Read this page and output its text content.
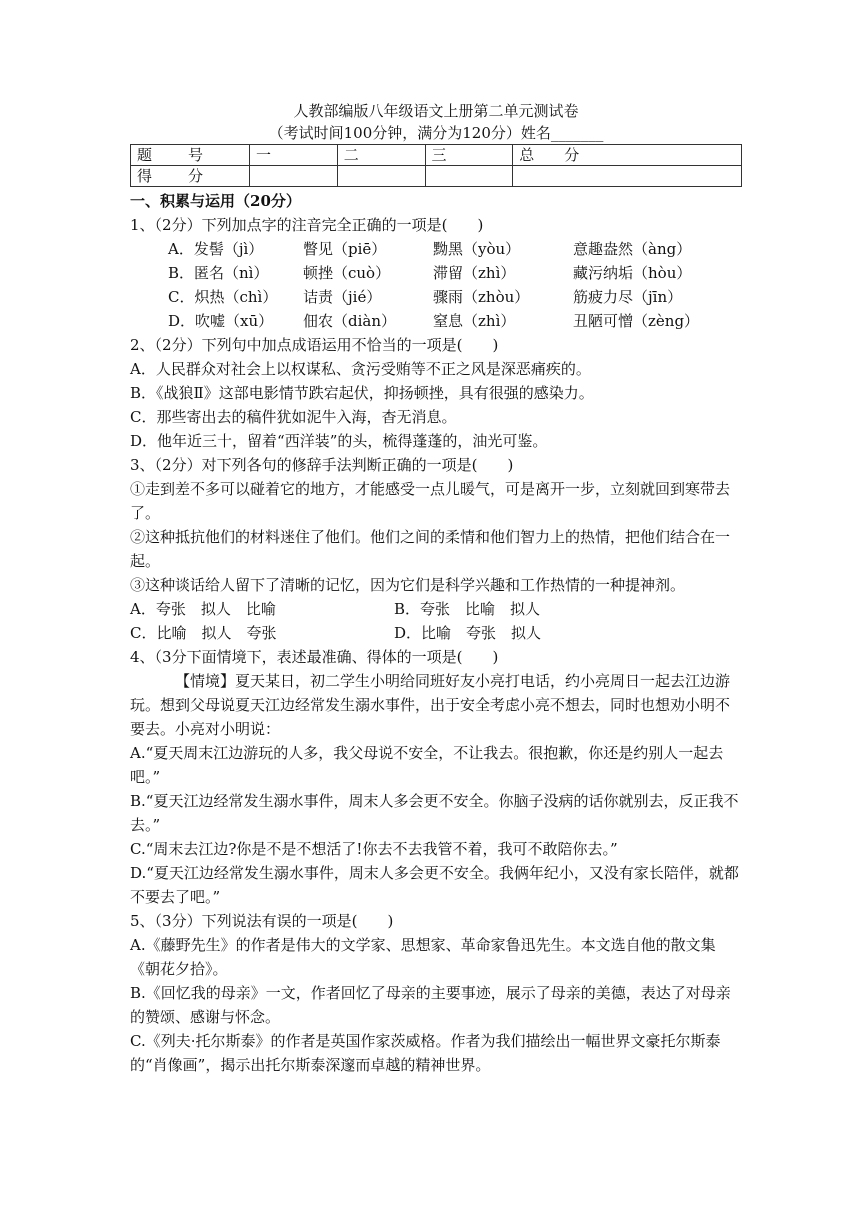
人教部编版八年级语文上册第二单元测试卷

（考试时间100分钟，满分为120分）姓名_______

题　　号	一	二	三	总　　分
得　　分				

一、积累与运用（20分）

1、（2分）下列加点字的注音完全正确的一项是(　　)

A．发髻（jì）	瞥见（piē）	黝黑（yòu）	意趣盎然（àng）
B．匿名（nì）	顿挫（cuò）	滞留（zhì）	藏污纳垢（hòu）
C．炽热（chì）	诘责（jié）	骤雨（zhòu）	筋疲力尽（jīn）
D．吹嘘（xū）	佃农（diàn）	窒息（zhì）	丑陋可憎（zèng）

2、（2分）下列句中加点成语运用不恰当的一项是(　　)

A．人民群众对社会上以权谋私、贪污受贿等不正之风是深恶痛疾的。

B．《战狼Ⅱ》这部电影情节跌宕起伏，抑扬顿挫，具有很强的感染力。

C．那些寄出去的稿件犹如泥牛入海，杳无消息。

D．他年近三十，留着“西洋装”的头，梳得蓬蓬的，油光可鉴。

3、（2分）对下列各句的修辞手法判断正确的一项是(　　)

①走到差不多可以碰着它的地方，才能感受一点儿暖气，可是离开一步，立刻就回到寒带去了。

②这种抵抗他们的材料迷住了他们。他们之间的柔情和他们智力上的热情，把他们结合在一起。

③这种谈话给人留下了清晰的记忆，因为它们是科学兴趣和工作热情的一种提神剂。

A．夸张　拟人　比喻	B．夸张　比喻　拟人
C．比喻　拟人　夸张	D．比喻　夸张　拟人

4、（3分下面情境下，表述最准确、得体的一项是(　　)

【情境】夏天某日，初二学生小明给同班好友小亮打电话，约小亮周日一起去江边游玩。想到父母说夏天江边经常发生溺水事件，出于安全考虑小亮不想去，同时也想劝小明不要去。小亮对小明说：

A.“夏天周末江边游玩的人多，我父母说不安全，不让我去。很抱歉，你还是约别人一起去吧。”

B.“夏天江边经常发生溺水事件，周末人多会更不安全。你脑子没病的话你就别去，反正我不去。”

C.“周末去江边?你是不是不想活了!你去不去我管不着，我可不敢陪你去。”

D.“夏天江边经常发生溺水事件，周末人多会更不安全。我俩年纪小，又没有家长陪伴，就都不要去了吧。”

5、（3分）下列说法有误的一项是(　　)

A.《藤野先生》的作者是伟大的文学家、思想家、革命家鲁迅先生。本文选自他的散文集《朝花夕拾》。

B.《回忆我的母亲》一文，作者回忆了母亲的主要事迹，展示了母亲的美德，表达了对母亲的赞颂、感谢与怀念。

C.《列夫·托尔斯泰》的作者是英国作家茨威格。作者为我们描绘出一幅世界文豪托尔斯泰的“肖像画”，揭示出托尔斯泰深邃而卓越的精神世界。
